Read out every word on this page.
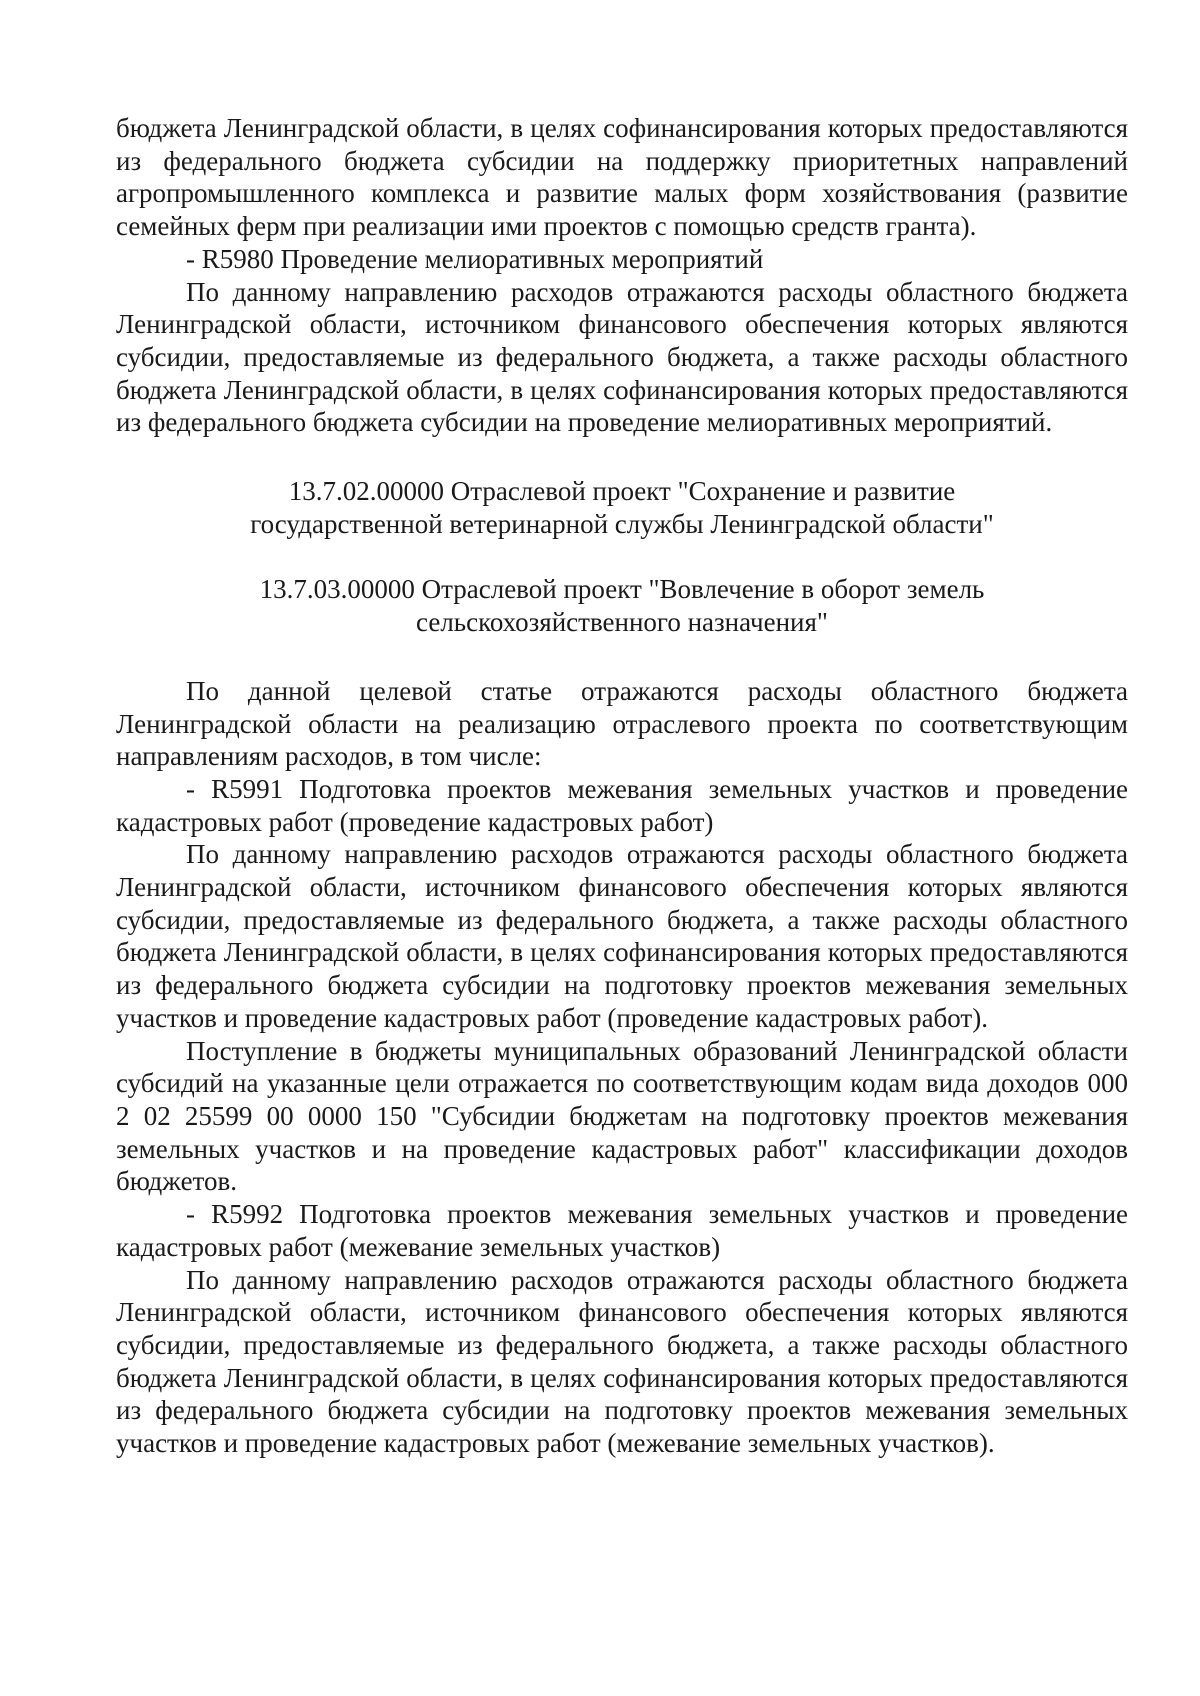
бюджета Ленинградской области, в целях софинансирования которых предоставляются из федерального бюджета субсидии на поддержку приоритетных направлений агропромышленного комплекса и развитие малых форм хозяйствования (развитие семейных ферм при реализации ими проектов с помощью средств гранта).

- R5980 Проведение мелиоративных мероприятий

По данному направлению расходов отражаются расходы областного бюджета Ленинградской области, источником финансового обеспечения которых являются субсидии, предоставляемые из федерального бюджета, а также расходы областного бюджета Ленинградской области, в целях софинансирования которых предоставляются из федерального бюджета субсидии на проведение мелиоративных мероприятий.

13.7.02.00000 Отраслевой проект "Сохранение и развитие

государственной ветеринарной службы Ленинградской области"

13.7.03.00000 Отраслевой проект "Вовлечение в оборот земель

сельскохозяйственного назначения"

По данной целевой статье отражаются расходы областного бюджета Ленинградской области на реализацию отраслевого проекта по соответствующим направлениям расходов, в том числе:

- R5991 Подготовка проектов межевания земельных участков и проведение кадастровых работ (проведение кадастровых работ)

По данному направлению расходов отражаются расходы областного бюджета Ленинградской области, источником финансового обеспечения которых являются субсидии, предоставляемые из федерального бюджета, а также расходы областного бюджета Ленинградской области, в целях софинансирования которых предоставляются из федерального бюджета субсидии на подготовку проектов межевания земельных участков и проведение кадастровых работ (проведение кадастровых работ).

Поступление в бюджеты муниципальных образований Ленинградской области субсидий на указанные цели отражается по соответствующим кодам вида доходов 000 2 02 25599 00 0000 150 "Субсидии бюджетам на подготовку проектов межевания земельных участков и на проведение кадастровых работ" классификации доходов бюджетов.

- R5992 Подготовка проектов межевания земельных участков и проведение кадастровых работ (межевание земельных участков)

По данному направлению расходов отражаются расходы областного бюджета Ленинградской области, источником финансового обеспечения которых являются субсидии, предоставляемые из федерального бюджета, а также расходы областного бюджета Ленинградской области, в целях софинансирования которых предоставляются из федерального бюджета субсидии на подготовку проектов межевания земельных участков и проведение кадастровых работ (межевание земельных участков).
